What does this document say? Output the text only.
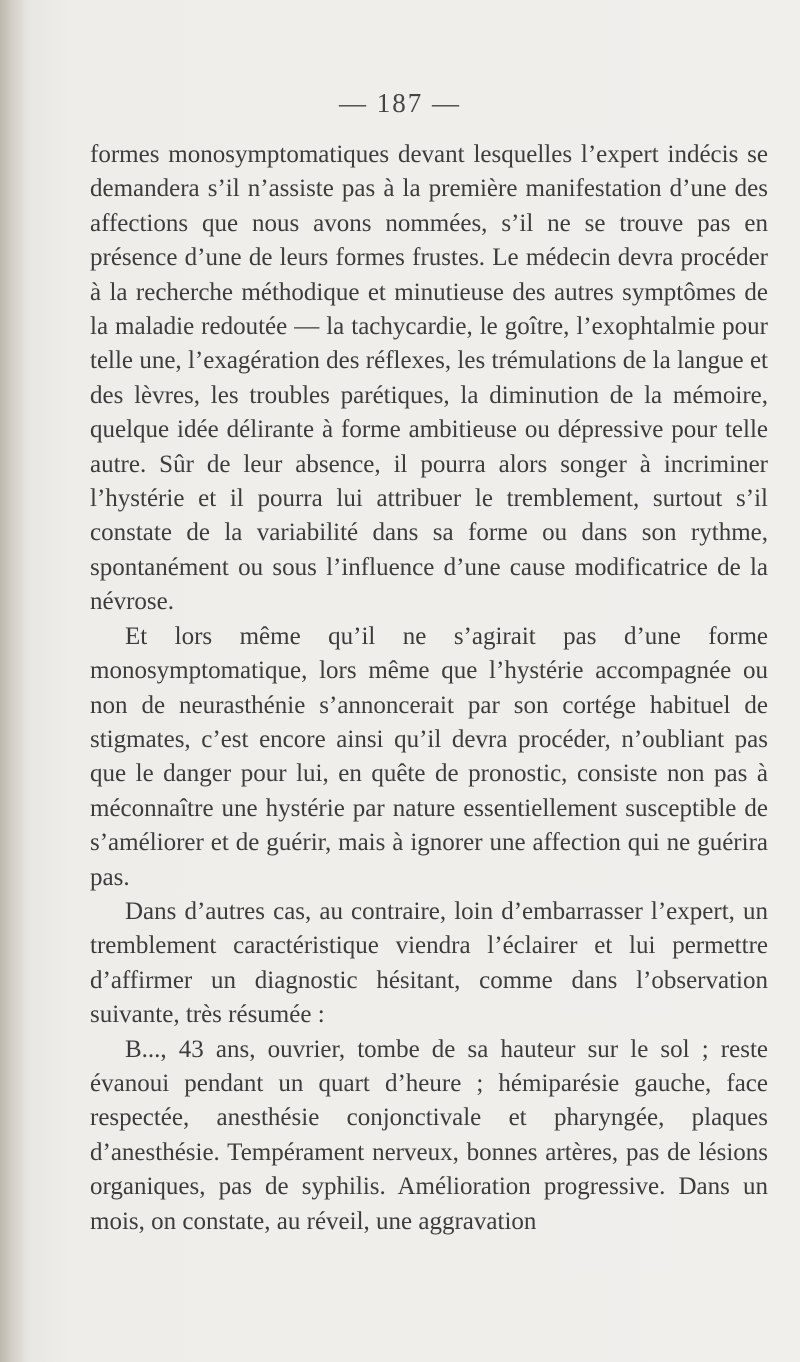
— 187 —

formes monosymptomatiques devant lesquelles l’expert indécis se demandera s’il n’assiste pas à la première manifestation d’une des affections que nous avons nommées, s’il ne se trouve pas en présence d’une de leurs formes frustes. Le médecin devra procéder à la recherche méthodique et minutieuse des autres symptômes de la maladie redoutée — la tachycardie, le goître, l’exophtalmie pour telle une, l’exagération des réflexes, les trémulations de la langue et des lèvres, les troubles parétiques, la diminution de la mémoire, quelque idée délirante à forme ambitieuse ou dépressive pour telle autre. Sûr de leur absence, il pourra alors songer à incriminer l’hystérie et il pourra lui attribuer le tremblement, surtout s’il constate de la variabilité dans sa forme ou dans son rythme, spontanément ou sous l’influence d’une cause modificatrice de la névrose.

Et lors même qu’il ne s’agirait pas d’une forme monosymptomatique, lors même que l’hystérie accompagnée ou non de neurasthénie s’annoncerait par son cortége habituel de stigmates, c’est encore ainsi qu’il devra procéder, n’oubliant pas que le danger pour lui, en quête de pronostic, consiste non pas à méconnaître une hystérie par nature essentiellement susceptible de s’améliorer et de guérir, mais à ignorer une affection qui ne guérira pas.

Dans d’autres cas, au contraire, loin d’embarrasser l’expert, un tremblement caractéristique viendra l’éclairer et lui permettre d’affirmer un diagnostic hésitant, comme dans l’observation suivante, très résumée :

B..., 43 ans, ouvrier, tombe de sa hauteur sur le sol ; reste évanoui pendant un quart d’heure ; hémiparésie gauche, face respectée, anesthésie conjonctivale et pharyngée, plaques d’anesthésie. Tempérament nerveux, bonnes artères, pas de lésions organiques, pas de syphilis. Amélioration progressive. Dans un mois, on constate, au réveil, une aggravation
